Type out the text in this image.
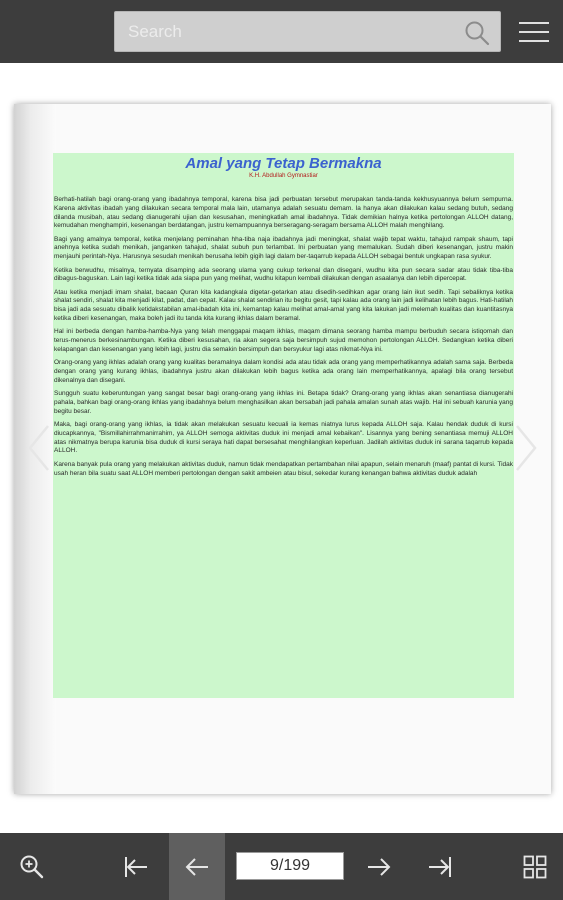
Search
Amal yang Tetap Bermakna
K.H. Abdullah Gymnastiar

Berhati-hatilah bagi orang-orang yang ibadahnya temporal, karena bisa jadi perbuatan tersebut merupakan tanda-tanda kekhusyuannya belum sempurna. Karena aktivitas ibadah yang dilakukan secara temporal mala lain, utamanya adalah sesuatu demam. Ia hanya akan dilakukan kalau sedang butuh, sedang dilanda musibah, atau sedang dianugerahi ujian dan kesusahan, meningkatlah amal ibadahnya. Tidak demikian halnya ketika pertolongan ALLOH datang, kemudahan menghampiri, kesenangan berdatangan, justru kemampuannya berseragang-seragam bersama ALLOH malah menghilang.

Bagi yang amalnya temporal, ketika menjelang peminahan hha-tiba naja ibadahnya jadi meningkat, shalat wajib tepat waktu, tahajud rampak shaum, tapi anehnya ketika sudah menikah, janganken tahajud, shalat subuh pun terlambat. Ini perbuatan yang memalukan. Sudah diberi kesenangan, justru makin menjauhi perintah-Nya. Harusnya sesudah menikah berusaha lebih gigih lagi dalam ber-taqarrub kepada ALLOH sebagai bentuk ungkapan rasa syukur.

Ketika berwudhu, misalnya, ternyata disamping ada seorang ulama yang cukup terkenal dan disegani, wudhu kita pun secara sadar atau tidak tiba-tiba dibagus-baguskan. Lain lagi ketika tidak ada siapa pun yang melihat, wudhu kitapun kembali dilakukan dengan asaalanya dan lebih dipercepat.

Atau ketika menjadi imam shalat, bacaan Quran kita kadangkala digetar-getarkan atau disedih-sedihkan agar orang lain ikut sedih. Tapi sebaliknya ketika shalat sendiri, shalat kita menjadi kilat, padat, dan cepat. Kalau shalat sendirian itu begitu gesit, tapi kalau ada orang lain jadi kelihatan lebih bagus. Hati-hatilah bisa jadi ada sesuatu dibalik ketidakstabilan amal-ibadah kita ini, kemantap kalau melihat amal-amal yang kita lakukan jadi melemah kualitas dan kuantitasnya ketika diberi kesenangan, maka boleh jadi itu tanda kita kurang ikhlas dalam beramal.

Hal ini berbeda dengan hamba-hamba-Nya yang telah menggapai maqam ikhlas, maqam dimana seorang hamba mampu berbuduh secara istiqomah dan terus-menerus berkesinambungan. Ketika diberi kesusahan, ria akan segera saja bersimpuh sujud memohon pertolongan ALLOH. Sedangkan ketika diberi kelapangan dan kesenangan yang lebih lagi, justru dia semakin bersimpuh dan bersyukur lagi atas nikmat-Nya ini.

Orang-orang yang ikhlas adalah orang yang kualitas beramalnya dalam kondisi ada atau tidak ada orang yang memperhatikannya adalah sama saja. Berbeda dengan orang yang kurang ikhlas, ibadahnya justru akan dilakukan lebih bagus ketika ada orang lain memperhatikannya, apalagi bila orang tersebut dikenalnya dan disegani.

Sungguh suatu keberuntungan yang sangat besar bagi orang-orang yang ikhlas ini. Betapa tidak? Orang-orang yang ikhlas akan senantiasa dianugerahi pahala, bahkan bagi orang-orang ikhlas yang ibadahnya belum menghasilkan akan bersabah jadi pahala amalan sunah atas wajib. Hal ini sebuah karunia yang begitu besar.

Maka, bagi orang-orang yang ikhlas, ia tidak akan melakukan sesuatu kecuali ia kemas niatnya lurus kepada ALLOH saja. Kalau hendak duduk di kursi diucapkannya, "Bismillahirrahmanirrahim, ya ALLOH semoga aktivitas duduk ini menjadi amal kebaikan". Lisannya yang bening senantiasa memuji ALLOH atas nikmatnya berupa karunia bisa duduk di kursi seraya hati dapat bersesahat menghilangkan keperluan. Jadilah aktivitas duduk ini sarana taqarrub kepada ALLOH.

Karena banyak pula orang yang melakukan aktivitas duduk, namun tidak mendapatkan pertambahan nilai apapun, selain menaruh (maaf) pantat di kursi. Tidak usah heran bila suatu saat ALLOH memberi pertolongan dengan sakit ambeien atau bisul, sekedar kurang kenangan bahwa aktivitas duduk adalah

9/199
